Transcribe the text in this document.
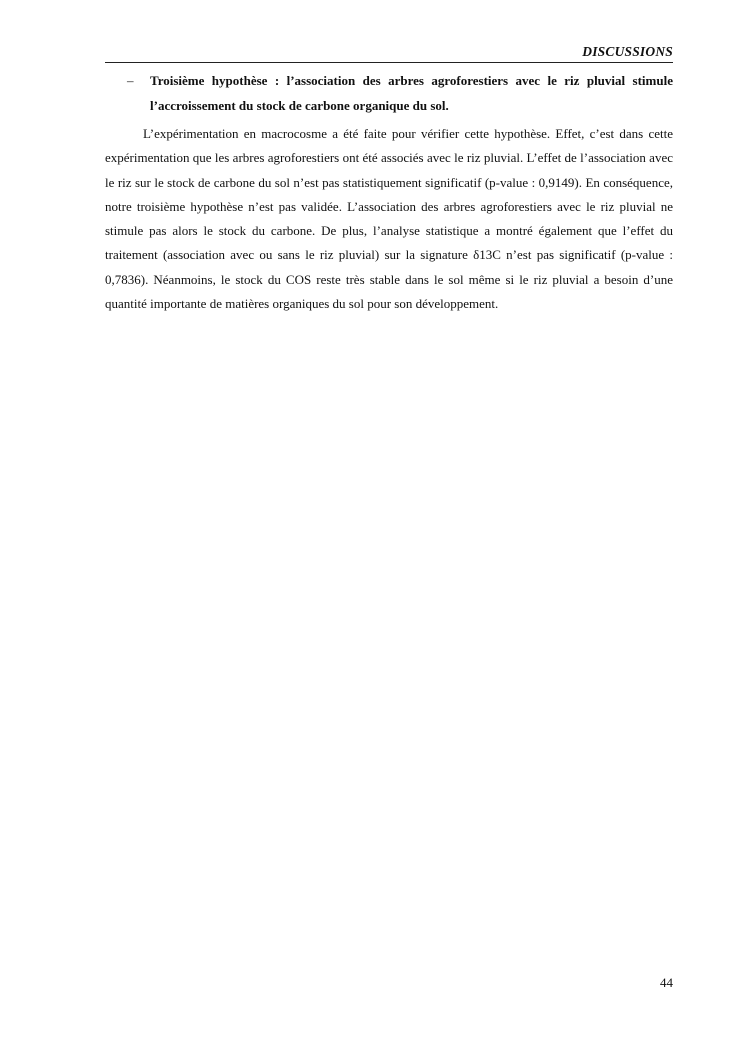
DISCUSSIONS
– Troisième hypothèse : l’association des arbres agroforestiers avec le riz pluvial stimule l’accroissement du stock de carbone organique du sol.

L’expérimentation en macrocosme a été faite pour vérifier cette hypothèse. Effet, c’est dans cette expérimentation que les arbres agroforestiers ont été associés avec le riz pluvial. L’effet de l’association avec le riz sur le stock de carbone du sol n’est pas statistiquement significatif (p-value : 0,9149). En conséquence, notre troisième hypothèse n’est pas validée. L’association des arbres agroforestiers avec le riz pluvial ne stimule pas alors le stock du carbone. De plus, l’analyse statistique a montré également que l’effet du traitement (association avec ou sans le riz pluvial) sur la signature δ13C n’est pas significatif (p-value : 0,7836). Néanmoins, le stock du COS reste très stable dans le sol même si le riz pluvial a besoin d’une quantité importante de matières organiques du sol pour son développement.

44
